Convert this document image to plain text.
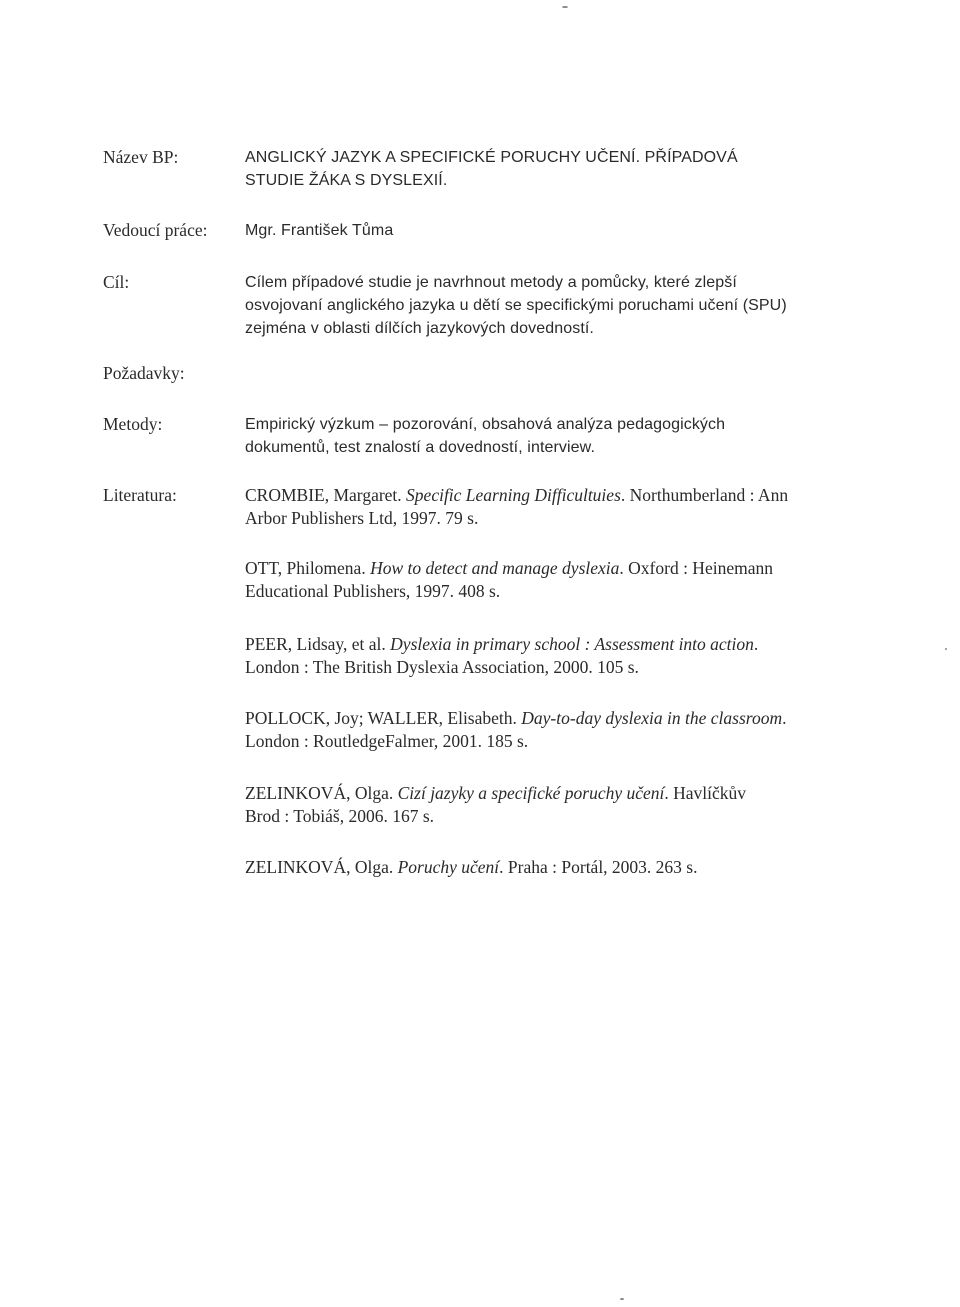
Název BP:
Vedoucí práce:
Cíl:
Požadavky:
Metody:
Literatura:
ANGLICKÝ JAZYK A SPECIFICKÉ PORUCHY UČENÍ. PŘÍPADOVÁ
STUDIE ŽÁKA S DYSLEXIÍ.
Mgr. František Tůma
Cílem případové studie je navrhnout metody a pomůcky, které zlepší
osvojovaní anglického jazyka u dětí se specifickými poruchami učení (SPU)
zejména v oblasti dílčích jazykových dovedností.
Empirický výzkum – pozorování, obsahová analýza pedagogických
dokumentů, test znalostí a dovedností, interview.
CROMBIE, Margaret. Specific Learning Difficultuies. Northumberland : Ann
Arbor Publishers Ltd, 1997. 79 s.
OTT, Philomena. How to detect and manage dyslexia. Oxford : Heinemann
Educational Publishers, 1997. 408 s.
PEER, Lidsay, et al. Dyslexia in primary school : Assessment into action.
London : The British Dyslexia Association, 2000. 105 s.
POLLOCK, Joy; WALLER, Elisabeth. Day-to-day dyslexia in the classroom.
London : RoutledgeFalmer, 2001. 185 s.
ZELINKOVÁ, Olga. Cizí jazyky a specifické poruchy učení. Havlíčkův
Brod : Tobiáš, 2006. 167 s.
ZELINKOVÁ, Olga. Poruchy učení. Praha : Portál, 2003. 263 s.
